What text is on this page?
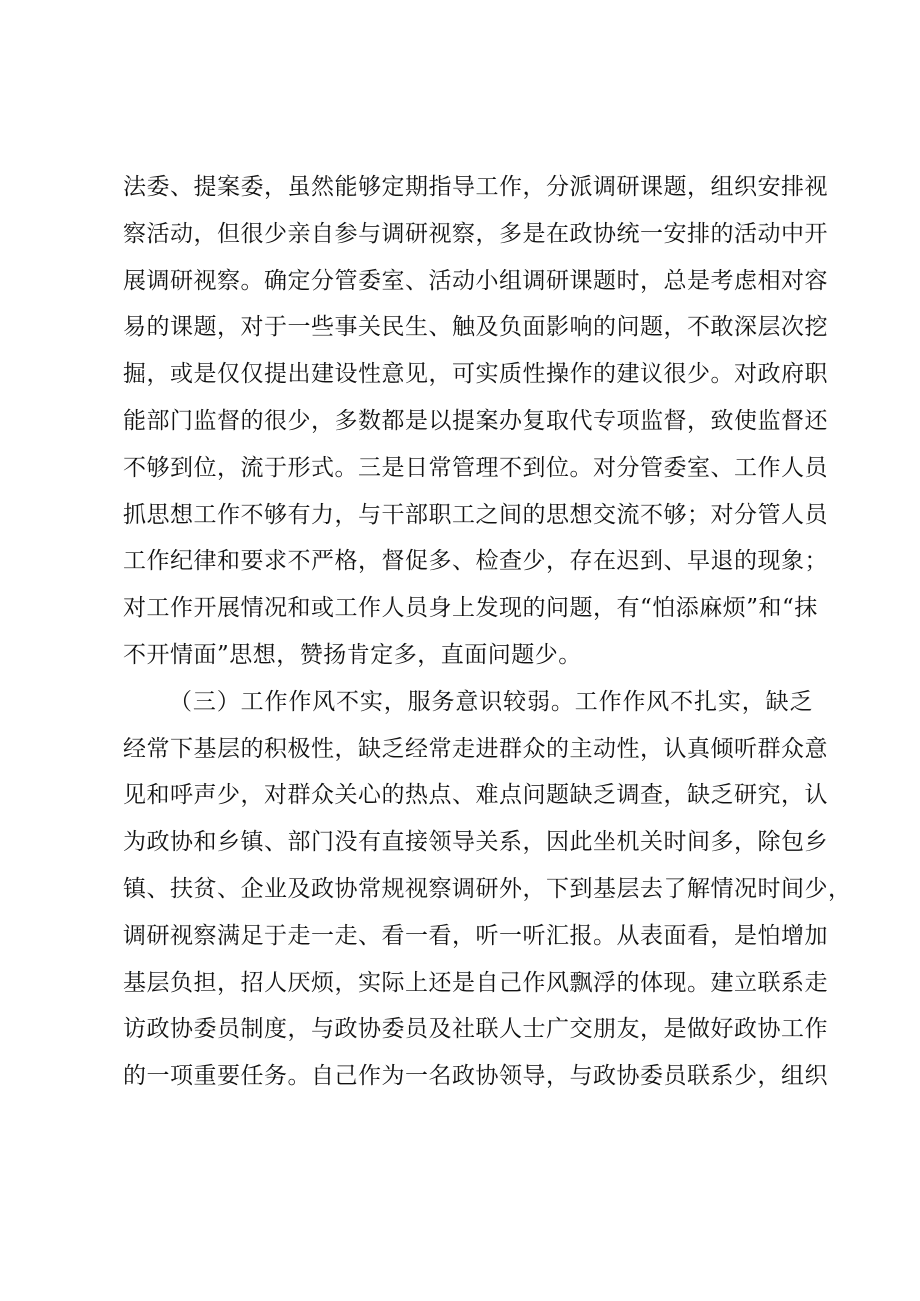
法委、提案委，虽然能够定期指导工作，分派调研课题，组织安排视
察活动，但很少亲自参与调研视察，多是在政协统一安排的活动中开
展调研视察。确定分管委室、活动小组调研课题时，总是考虑相对容
易的课题，对于一些事关民生、触及负面影响的问题，不敢深层次挖
掘，或是仅仅提出建设性意见，可实质性操作的建议很少。对政府职
能部门监督的很少，多数都是以提案办复取代专项监督，致使监督还
不够到位，流于形式。三是日常管理不到位。对分管委室、工作人员
抓思想工作不够有力，与干部职工之间的思想交流不够；对分管人员
工作纪律和要求不严格，督促多、检查少，存在迟到、早退的现象；
对工作开展情况和或工作人员身上发现的问题，有“怕添麻烦”和“抹
不开情面”思想，赞扬肯定多，直面问题少。
（三）工作作风不实，服务意识较弱。工作作风不扎实，缺乏
经常下基层的积极性，缺乏经常走进群众的主动性，认真倾听群众意
见和呼声少，对群众关心的热点、难点问题缺乏调查，缺乏研究，认
为政协和乡镇、部门没有直接领导关系，因此坐机关时间多，除包乡
镇、扶贫、企业及政协常规视察调研外，下到基层去了解情况时间少，
调研视察满足于走一走、看一看，听一听汇报。从表面看，是怕增加
基层负担，招人厌烦，实际上还是自己作风飘浮的体现。建立联系走
访政协委员制度，与政协委员及社联人士广交朋友，是做好政协工作
的一项重要任务。自己作为一名政协领导，与政协委员联系少，组织
